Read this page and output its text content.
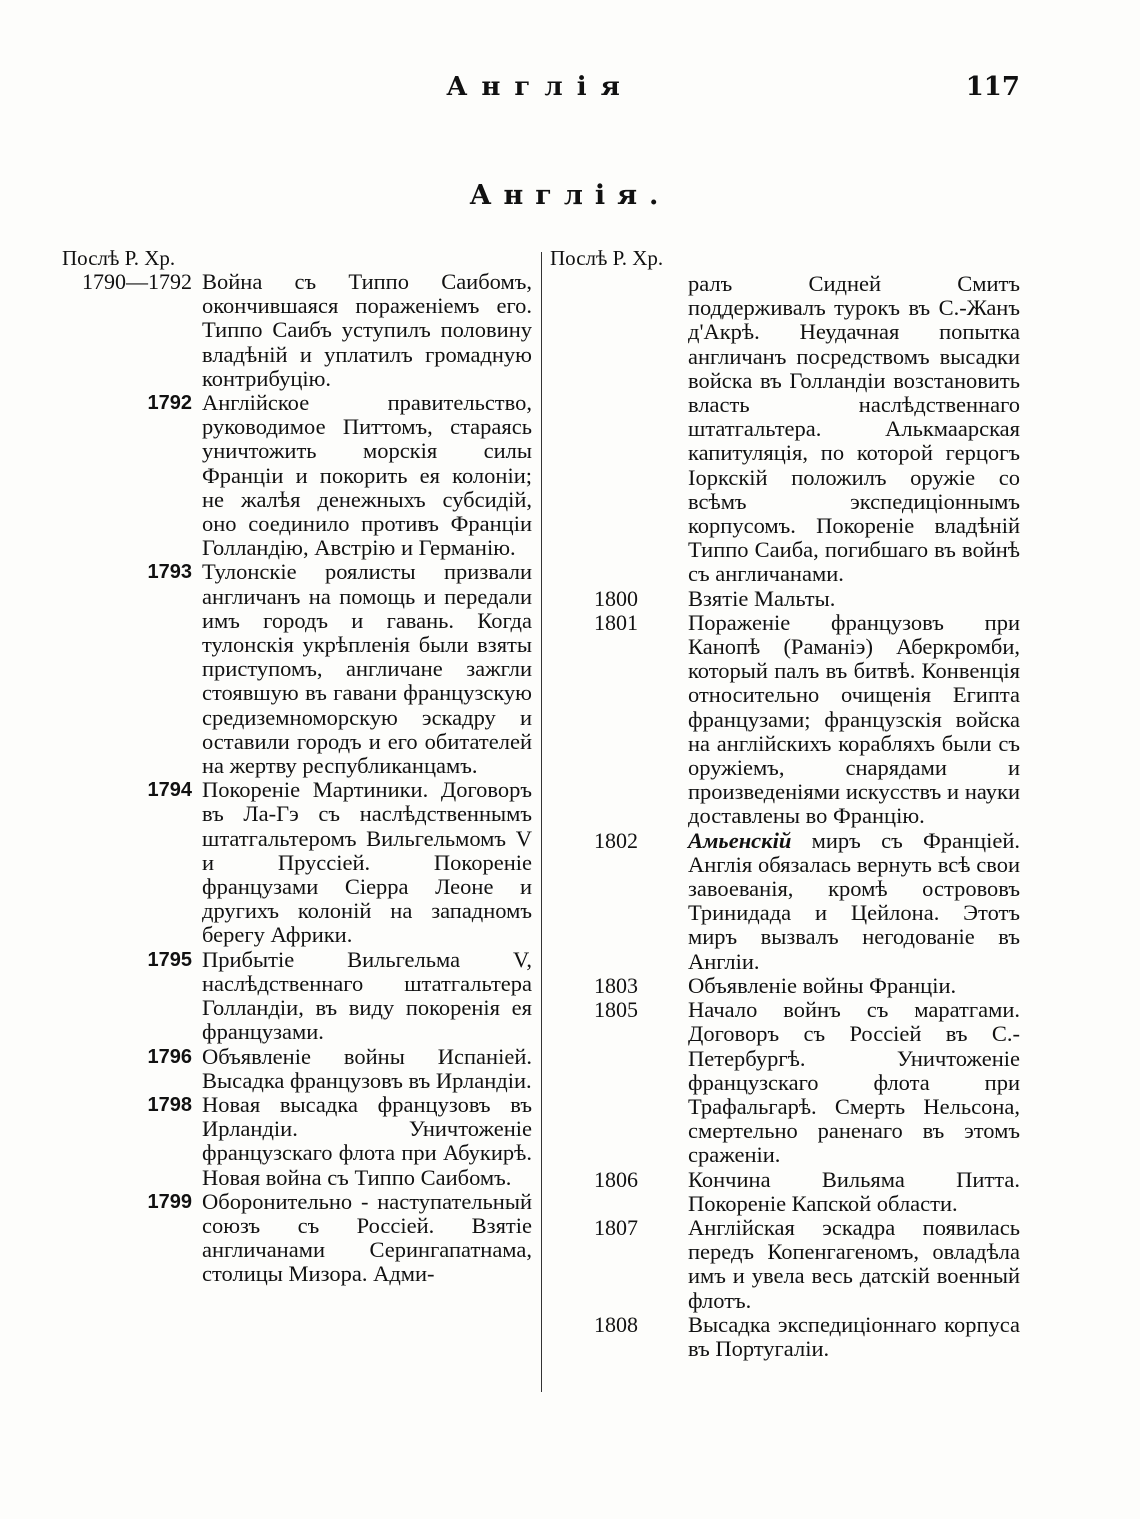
Англія	117
Англія.
Послѣ Р. Хр.
1790—1792 Война съ Типпо Саибомъ, окончившаяся пораженіемъ его. Типпо Саибъ уступилъ половину владѣній и уплатилъ громадную контрибуцію.
1792 Англійское правительство, руководимое Питтомъ, стараясь уничтожить морскія силы Франціи и покорить ея колоніи; не жалѣя денежныхъ субсидій, оно соединило противъ Франціи Голландію, Австрію и Германію.
1793 Тулонскіе роялисты призвали англичанъ на помощь и передали имъ городъ и гавань. Когда тулонскія укрѣпленія были взяты приступомъ, англичане зажгли стоявшую въ гавани французскую средиземноморскую эскадру и оставили городъ и его обитателей на жертву республиканцамъ.
1794 Покореніе Мартиники. Договоръ въ Ла-Гэ съ наслѣдственнымъ штатгальтеромъ Вильгельмомъ V и Пруссіей. Покореніе французами Сіерра Леоне и другихъ колоній на западномъ берегу Африки.
1795 Прибытіе Вильгельма V, наслѣдственнаго штатгальтера Голландіи, въ виду покоренія ея французами.
1796 Объявленіе войны Испаніей. Высадка французовъ въ Ирландіи.
1798 Новая высадка французовъ въ Ирландіи. Уничтоженіе французскаго флота при Абукирѣ. Новая война съ Типпо Саибомъ.
1799 Оборонительно - наступательный союзъ съ Россіей. Взятіе англичанами Серингапатнама, столицы Мизора. Адми-
Послѣ Р. Хр.
ралъ Сидней Смитъ поддерживалъ турокъ въ С.-Жанъ д'Акрѣ. Неудачная попытка англичанъ посредствомъ высадки войска въ Голландіи возстановить власть наслѣдственнаго штатгальтера. Алькмаарская капитуляція, по которой герцогъ Іоркскій положилъ оружіе со всѣмъ экспедиціоннымъ корпусомъ. Покореніе владѣній Типпо Саиба, погибшаго въ войнѣ съ англичанами.
1800	Взятіе Мальты.
1801	Пораженіе французовъ при Канопѣ (Раманіэ) Аберкромби, который палъ въ битвѣ. Конвенція относительно очищенія Египта французами; французскія войска на англійскихъ корабляхъ были съ оружіемъ, снарядами и произведеніями искусствъ и науки доставлены во Францію.
1802	Амьенскій миръ съ Франціей. Англія обязалась вернуть всѣ свои завоеванія, кромѣ острововъ Тринидада и Цейлона. Этотъ миръ вызвалъ негодованіе въ Англіи.
1803	Объявленіе войны Франціи.
1805	Начало войнъ съ маратгами. Договоръ съ Россіей въ С.-Петербургѣ. Уничтоженіе французскаго флота при Трафальгарѣ. Смерть Нельсона, смертельно раненаго въ этомъ сраженіи.
1806	Кончина Вильяма Питта. Покореніе Капской области.
1807	Англійская эскадра появилась передъ Копенгагеномъ, овладѣла имъ и увела весь датскій военный флотъ.
1808	Высадка экспедиціоннаго корпуса въ Португаліи.
